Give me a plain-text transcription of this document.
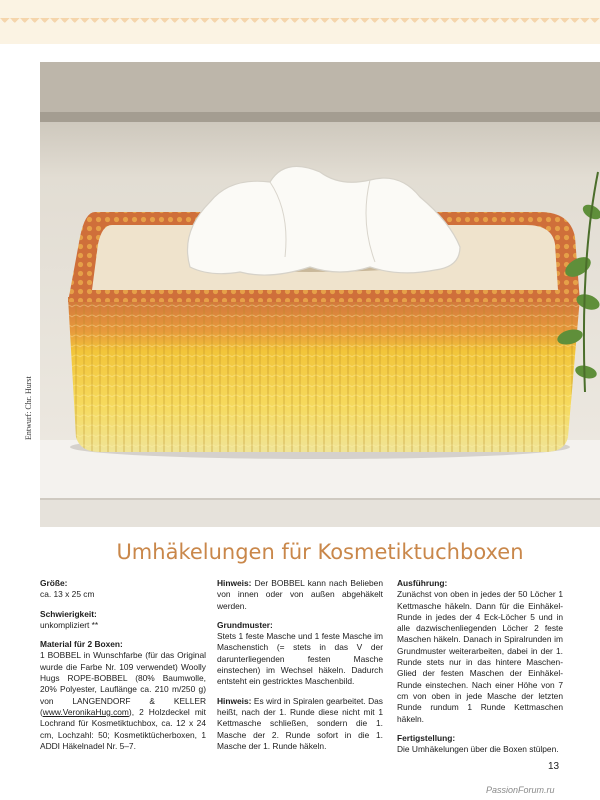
Entwurf: Chr. Hurst
Umhäkelungen für Kosmetiktuchboxen

Größe:
ca. 13 x 25 cm

Schwierigkeit:
unkompliziert **

Material für 2 Boxen:
1 BOBBEL in Wunschfarbe (für das Original wurde die Farbe Nr. 109 verwendet) Woolly Hugs ROPE-BOBBEL (80% Baumwolle, 20% Polyester, Lauflänge ca. 210 m/250 g) von LANGENDORF & KELLER (www.VeronikaHug.com), 2 Holzdeckel mit Lochrand für Kosmetiktuchbox, ca. 12 x 24 cm, Lochzahl: 50; Kosmetiktücherboxen, 1 ADDI Häkelnadel Nr. 5–7.

Hinweis: Der BOBBEL kann nach Belieben von innen oder von außen abgehäkelt werden.

Grundmuster:
Stets 1 feste Masche und 1 feste Masche im Maschenstich (= stets in das V der darunterliegenden festen Masche einstechen) im Wechsel häkeln. Dadurch entsteht ein gestricktes Maschenbild.

Hinweis: Es wird in Spiralen gearbeitet. Das heißt, nach der 1. Runde diese nicht mit 1 Kettmasche schließen, sondern die 1. Masche der 2. Runde sofort in die 1. Masche der 1. Runde häkeln.

Ausführung:
Zunächst von oben in jedes der 50 Löcher 1 Kettmasche häkeln. Dann für die Einhäkel-Runde in jedes der 4 Eck-Löcher 5 und in alle dazwischenliegenden Löcher 2 feste Maschen häkeln. Danach in Spiralrunden im Grundmuster weiterarbeiten, dabei in der 1. Runde stets nur in das hintere Maschen-Glied der festen Maschen der Einhäkel-Runde einstechen. Nach einer Höhe von 7 cm von oben in jede Masche der letzten Runde rundum 1 Runde Kettmaschen häkeln.

Fertigstellung:
Die Umhäkelungen über die Boxen stülpen.

13
PassionForum.ru
